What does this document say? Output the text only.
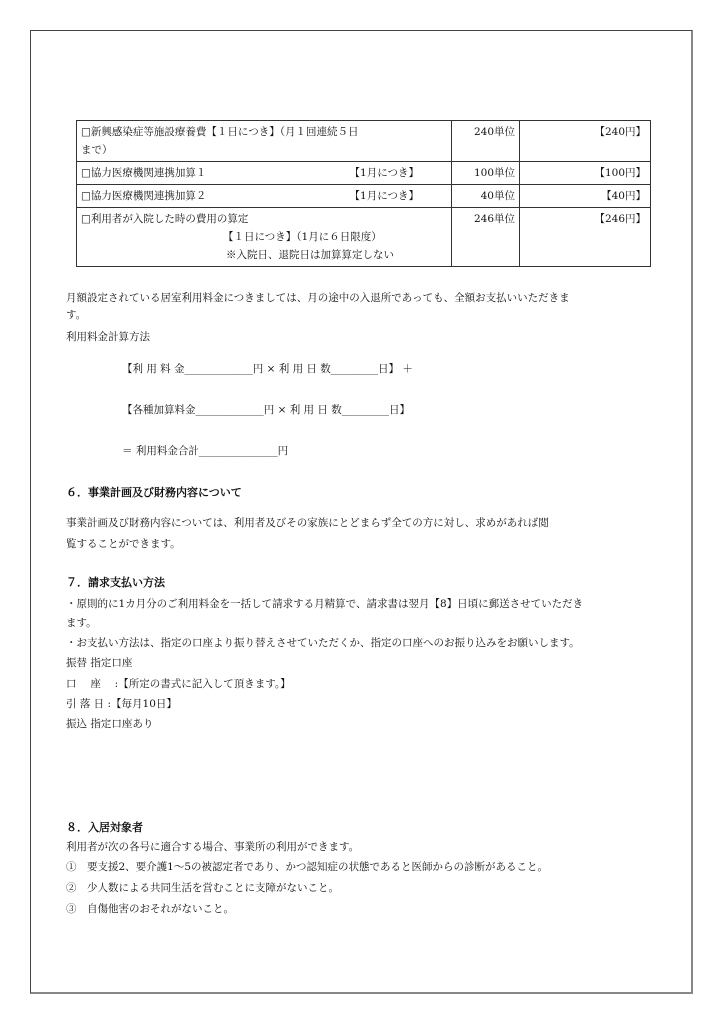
□新興感染症等施設療養費【１日につき】（月１回連続５日
まで）	240単位	【240円】

□協力医療機関連携加算１ 【1月につき】	100単位	【100円】

□協力医療機関連携加算２ 【1月につき】	40単位	【40円】

□利用者が入院した時の費用の算定
【１日につき】（1月に６日限度）
※入院日、退院日は加算算定しない	246単位	【246円】
月額設定されている居室利用料金につきましては、月の途中の入退所であっても、全額お支払いいただきま
す。
利用料金計算方法
【利 用 料 金_____________円 × 利 用 日 数_________日】 ＋
【各種加算料金_____________円 × 利 用 日 数_________日】
＝ 利用料金合計_______________円
６．事業計画及び財務内容について
事業計画及び財務内容については、利用者及びその家族にとどまらず全ての方に対し、求めがあれば閲
覧することができます。
７．請求支払い方法
・原則的に1カ月分のご利用料金を一括して請求する月精算で、請求書は翌月【8】日頃に郵送させていただき
ます。
・お支払い方法は、指定の口座より振り替えさせていただくか、指定の口座へのお振り込みをお願いします。
振替 指定口座
口　 座 　:【所定の書式に記入して頂きます。】
引 落 日 :【毎月10日】
振込 指定口座あり
８．入居対象者
利用者が次の各号に適合する場合、事業所の利用ができます。
①　要支援2、要介護1～5の被認定者であり、かつ認知症の状態であると医師からの診断があること。
②　少人数による共同生活を営むことに支障がないこと。
③　自傷他害のおそれがないこと。
